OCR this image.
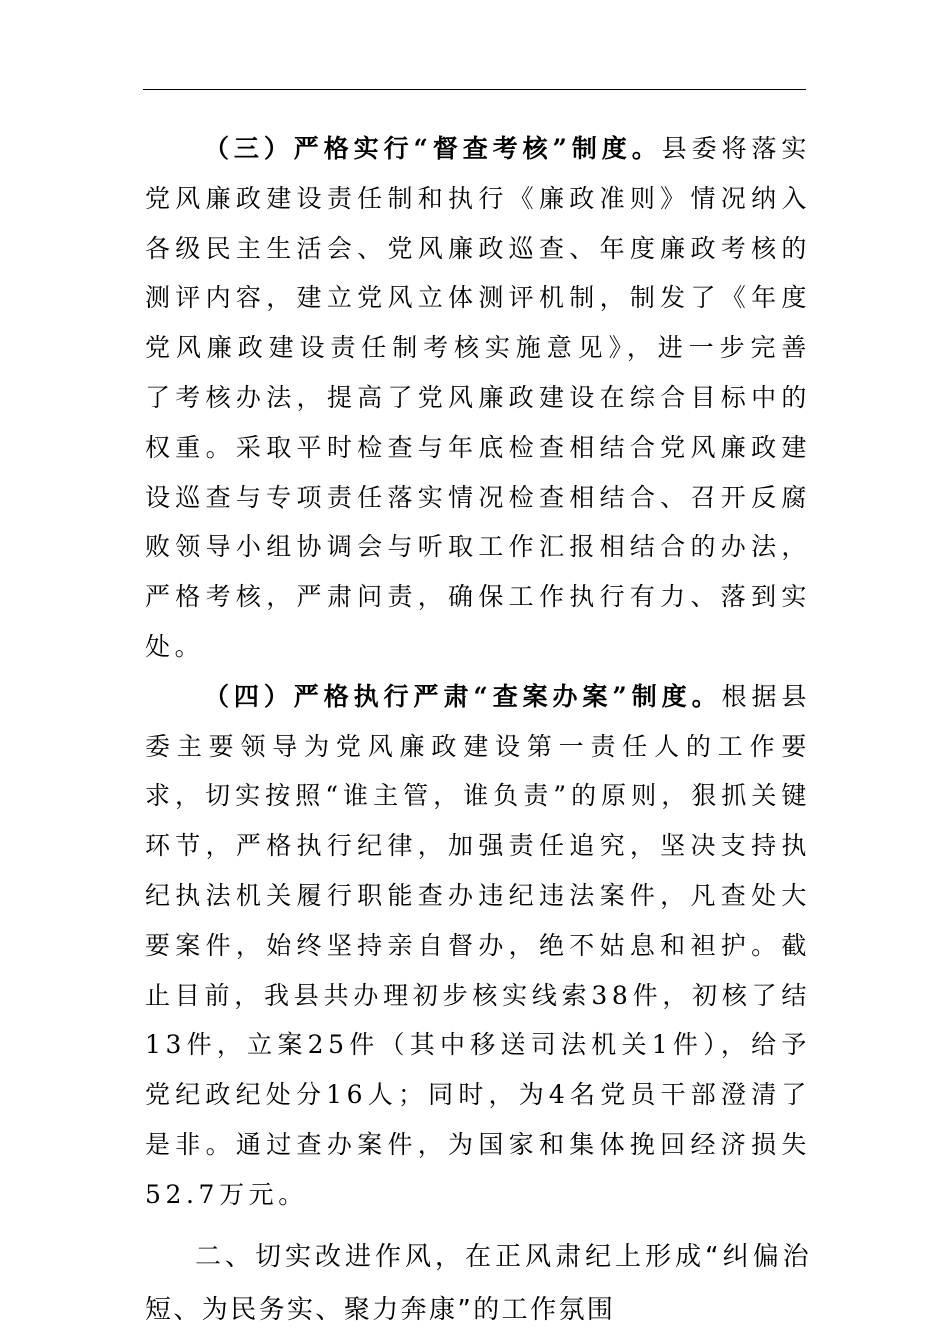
（三）严格实行“督查考核”制度。县委将落实党风廉政建设责任制和执行《廉政准则》情况纳入各级民主生活会、党风廉政巡查、年度廉政考核的测评内容，建立党风立体测评机制，制发了《年度党风廉政建设责任制考核实施意见》，进一步完善了考核办法，提高了党风廉政建设在综合目标中的权重。采取平时检查与年底检查相结合党风廉政建设巡查与专项责任落实情况检查相结合、召开反腐败领导小组协调会与听取工作汇报相结合的办法，严格考核，严肃问责，确保工作执行有力、落到实处。

（四）严格执行严肃“查案办案”制度。根据县委主要领导为党风廉政建设第一责任人的工作要求，切实按照“谁主管，谁负责”的原则，狠抓关键环节，严格执行纪律，加强责任追究，坚决支持执纪执法机关履行职能查办违纪违法案件，凡查处大要案件，始终坚持亲自督办，绝不姑息和袒护。截止目前，我县共办理初步核实线索38件，初核了结13件，立案25件（其中移送司法机关1件），给予党纪政纪处分16人；同时，为4名党员干部澄清了是非。通过查办案件，为国家和集体挽回经济损失52.7万元。

二、切实改进作风，在正风肃纪上形成“纠偏治短、为民务实、聚力奔康”的工作氛围
